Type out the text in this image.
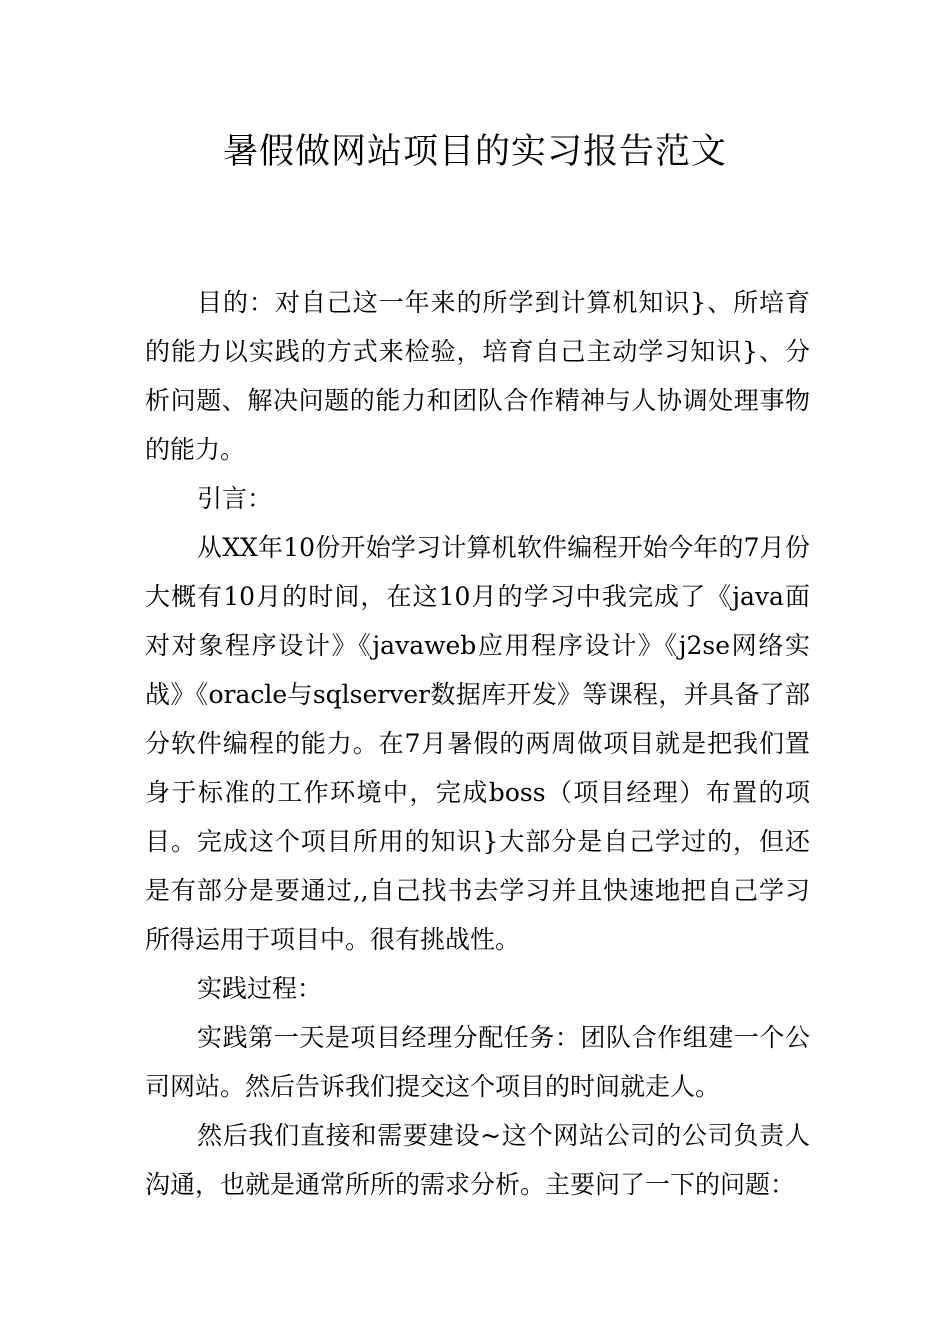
暑假做网站项目的实习报告范文

目的：对自己这一年来的所学到计算机知识}、所培育的能力以实践的方式来检验，培育自己主动学习知识}、分析问题、解决问题的能力和团队合作精神与人协调处理事物的能力。

引言：

从XX年10份开始学习计算机软件编程开始今年的7月份大概有10月的时间，在这10月的学习中我完成了《java面对对象程序设计》《javaweb应用程序设计》《j2se网络实战》《oracle与sqlserver数据库开发》等课程，并具备了部分软件编程的能力。在7月暑假的两周做项目就是把我们置身于标准的工作环境中，完成boss（项目经理）布置的项目。完成这个项目所用的知识}大部分是自己学过的，但还是有部分是要通过,,自己找书去学习并且快速地把自己学习所得运用于项目中。很有挑战性。

实践过程：

实践第一天是项目经理分配任务：团队合作组建一个公司网站。然后告诉我们提交这个项目的时间就走人。

然后我们直接和需要建设~这个网站公司的公司负责人沟通，也就是通常所所的需求分析。主要问了一下的问题：
